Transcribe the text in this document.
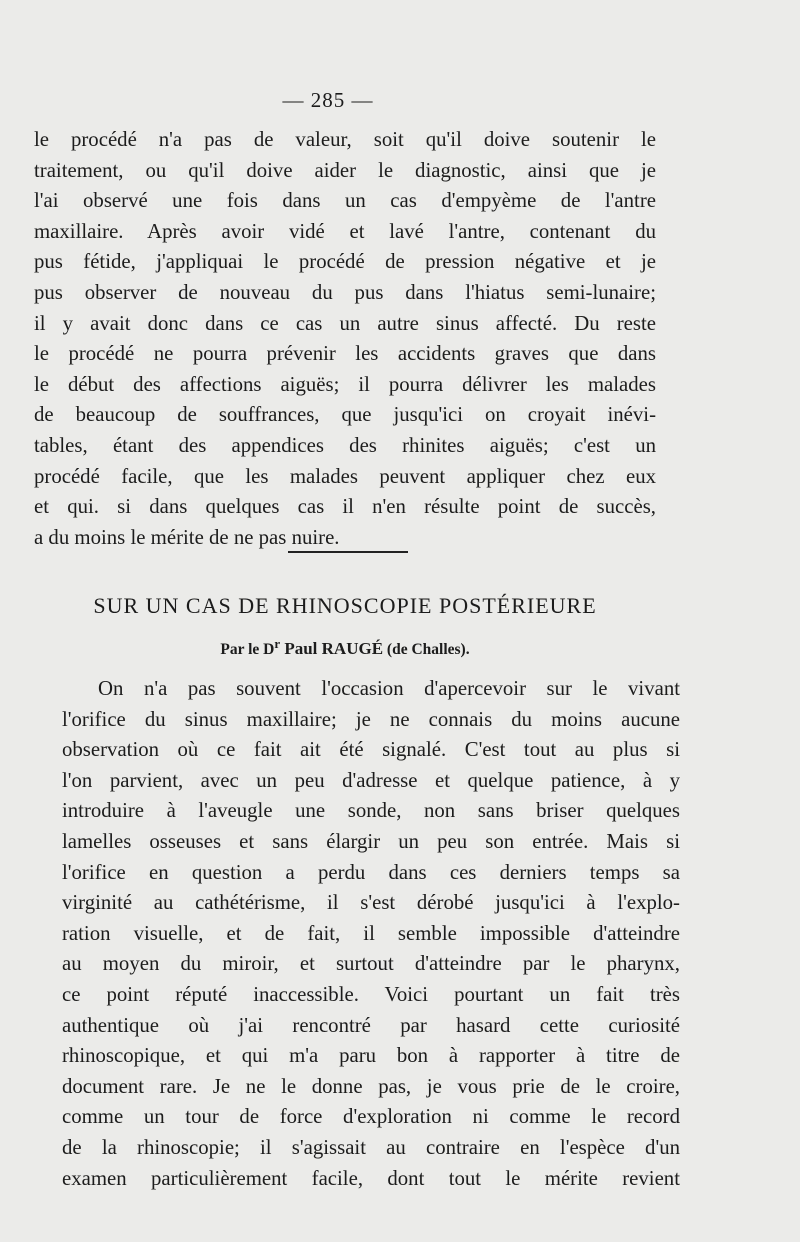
— 285 —
le procédé n'a pas de valeur, soit qu'il doive soutenir le
traitement, ou qu'il doive aider le diagnostic, ainsi que je
l'ai observé une fois dans un cas d'empyème de l'antre
maxillaire. Après avoir vidé et lavé l'antre, contenant du
pus fétide, j'appliquai le procédé de pression négative et je
pus observer de nouveau du pus dans l'hiatus semi-lunaire;
il y avait donc dans ce cas un autre sinus affecté. Du reste
le procédé ne pourra prévenir les accidents graves que dans
le début des affections aiguës; il pourra délivrer les malades
de beaucoup de souffrances, que jusqu'ici on croyait inévi-
tables, étant des appendices des rhinites aiguës; c'est un
procédé facile, que les malades peuvent appliquer chez eux
et qui. si dans quelques cas il n'en résulte point de succès,
a du moins le mérite de ne pas nuire.
SUR UN CAS DE RHINOSCOPIE POSTÉRIEURE
Par le $D^r$ Paul RAUGÉ (de Challes).
On n'a pas souvent l'occasion d'apercevoir sur le vivant
l'orifice du sinus maxillaire; je ne connais du moins aucune
observation où ce fait ait été signalé. C'est tout au plus si
l'on parvient, avec un peu d'adresse et quelque patience, à y
introduire à l'aveugle une sonde, non sans briser quelques
lamelles osseuses et sans élargir un peu son entrée. Mais si
l'orifice en question a perdu dans ces derniers temps sa
virginité au cathétérisme, il s'est dérobé jusqu'ici à l'explo-
ration visuelle, et de fait, il semble impossible d'atteindre
au moyen du miroir, et surtout d'atteindre par le pharynx,
ce point réputé inaccessible. Voici pourtant un fait très
authentique où j'ai rencontré par hasard cette curiosité
rhinoscopique, et qui m'a paru bon à rapporter à titre de
document rare. Je ne le donne pas, je vous prie de le croire,
comme un tour de force d'exploration ni comme le record
de la rhinoscopie; il s'agissait au contraire en l'espèce d'un
examen particulièrement facile, dont tout le mérite revient
